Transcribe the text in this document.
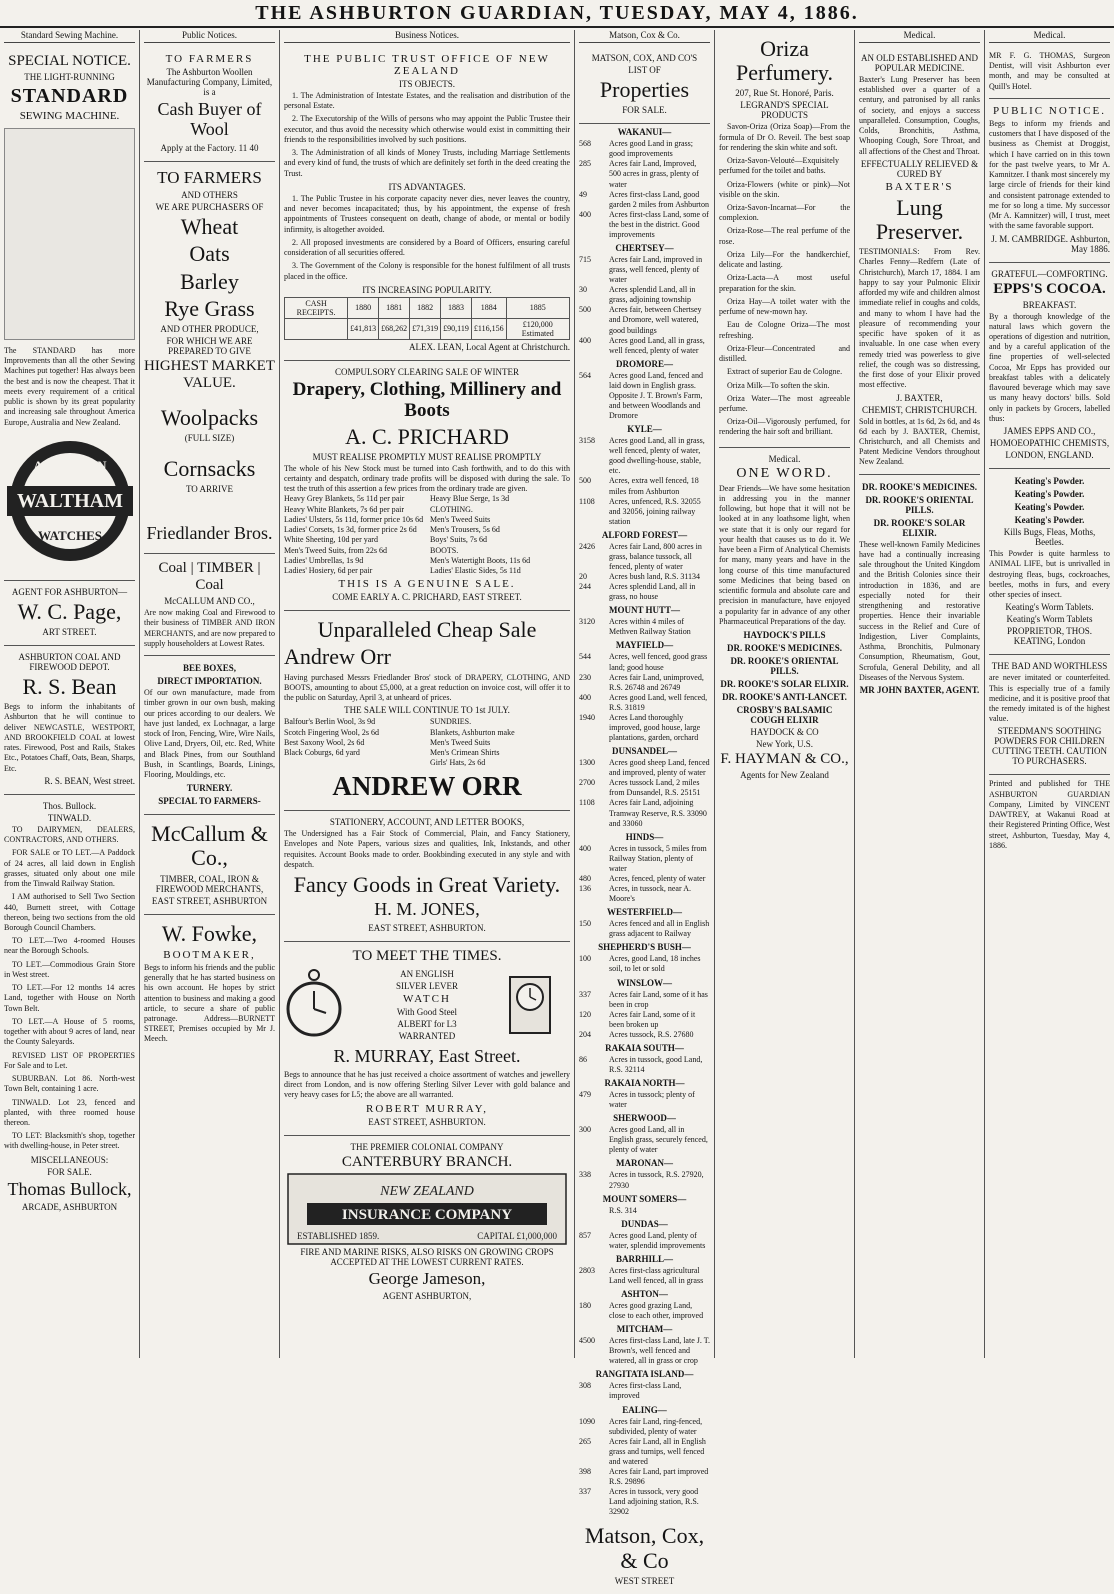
THE ASHBURTON GUARDIAN, TUESDAY, MAY 4, 1886.
Standard Sewing Machine.
SPECIAL NOTICE.
THE LIGHT-RUNNING
STANDARD
SEWING MACHINE.
The STANDARD has more Improvements than all the other Sewing Machines put together! Has always been the best and is now the cheapest. That it meets every requirement of a critical public is shown by its great popularity and increasing sale throughout America Europe, Australia and New Zealand.
AMERICAN
WALTHAM
WATCHES
AGENT FOR ASHBURTON—
W. C. Page,
ART STREET.
ASHBURTON COAL AND FIREWOOD DEPOT.
R. S. Bean
Begs to inform the inhabitants of Ashburton that he will continue to deliver NEWCASTLE, WESTPORT, AND BROOKFIELD COAL at lowest rates. Firewood, Post and Rails, Stakes Etc., Potatoes Chaff, Oats, Bean, Sharps, Etc.
R. S. BEAN, West street.
Thos. Bullock.
TINWALD.

TO DAIRYMEN, DEALERS, CONTRACTORS, AND OTHERS.

FOR SALE or TO LET.—A Paddock of 24 acres, all laid down in English grasses, situated only about one mile from the Tinwald Railway Station.

I AM authorised to Sell Two Section 440, Burnett street, with Cottage thereon, being two sections from the old Borough Council Chambers.

TO LET.—Two 4-roomed Houses near the Borough Schools.

TO LET.—Commodious Grain Store in West street.

TO LET.—For 12 months 14 acres Land, together with House on North Town Belt.

TO LET.—A House of 5 rooms, together with about 9 acres of land, near the County Saleyards.

REVISED LIST OF PROPERTIES For Sale and to Let.

SUBURBAN. Lot 86. North-west Town Belt, containing 1 acre.

TINWALD. Lot 23, fenced and planted, with three roomed house thereon.

TO LET: Blacksmith's shop, together with dwelling-house, in Peter street.

MISCELLANEOUS:
FOR SALE.
Thomas Bullock,
ARCADE, ASHBURTON
Public Notices.
TO FARMERS
The Ashburton Woollen Manufacturing Company, Limited, is a
Cash Buyer of Wool
Apply at the Factory. 11 40
TO FARMERS
AND OTHERS
WE ARE PURCHASERS OF
Wheat
Oats
Barley
Rye Grass
AND OTHER PRODUCE,
FOR WHICH WE ARE PREPARED TO GIVE
HIGHEST MARKET VALUE.
Woolpacks
(FULL SIZE)
Cornsacks
TO ARRIVE
Friedlander Bros.
Coal | TIMBER | Coal
McCALLUM AND CO.,
Are now making Coal and Firewood to their business of TIMBER AND IRON MERCHANTS, and are now prepared to supply householders at Lowest Rates.
BEE BOXES,
DIRECT IMPORTATION.
Of our own manufacture, made from timber grown in our own bush, making our prices according to our dealers. We have just landed, ex Lochnagar, a large stock of Iron, Fencing, Wire, Wire Nails, Olive Land, Dryers, Oil, etc. Red, White and Black Pines, from our Southland Bush, in Scantlings, Boards, Linings, Flooring, Mouldings, etc.
TURNERY.
SPECIAL TO FARMERS-
McCallum & Co.,
TIMBER, COAL, IRON & FIREWOOD MERCHANTS,
EAST STREET, ASHBURTON
W. Fowke,
BOOTMAKER,
Begs to inform his friends and the public generally that he has started business on his own account. He hopes by strict attention to business and making a good article, to secure a share of public patronage. Address—BURNETT STREET, Premises occupied by Mr J. Meech.
Business Notices.
THE PUBLIC TRUST OFFICE OF NEW ZEALAND
ITS OBJECTS.

1. The Administration of Intestate Estates, and the realisation and distribution of the personal Estate.

2. The Executorship of the Wills of persons who may appoint the Public Trustee their executor, and thus avoid the necessity which otherwise would exist in committing their friends to the responsibilities involved by such positions.

3. The Administration of all kinds of Money Trusts, including Marriage Settlements and every kind of fund, the trusts of which are definitely set forth in the deed creating the Trust.

ITS ADVANTAGES.

1. The Public Trustee in his corporate capacity never dies, never leaves the country, and never becomes incapacitated; thus, by his appointment, the expense of fresh appointments of Trustees consequent on death, change of abode, or mental or bodily infirmity, is altogether avoided.

2. All proposed investments are considered by a Board of Officers, ensuring careful consideration of all securities offered.

3. The Government of the Colony is responsible for the honest fulfilment of all trusts placed in the office.

ITS INCREASING POPULARITY.
CASH RECEIPTS.	1880	1881	1882	1883	1884	1885
	£41,813	£68,262	£71,319	£90,119	£116,156	£120,000 Estimated
ALEX. LEAN, Local Agent at Christchurch.
COMPULSORY CLEARING SALE OF WINTER
Drapery, Clothing, Millinery and Boots
A. C. PRICHARD
MUST REALISE PROMPTLY MUST REALISE PROMPTLY
The whole of his New Stock must be turned into Cash forthwith, and to do this with certainty and despatch, ordinary trade profits will be disposed with during the sale. To test the truth of this assertion a few prices from the ordinary trade are given.
Heavy Grey Blankets, 5s 11d per pair
Heavy White Blankets, 7s 6d per pair
Ladies' Ulsters, 5s 11d, former price 10s 6d
Ladies' Corsets, 1s 3d, former price 2s 6d
White Sheeting, 10d per yard
Men's Tweed Suits, from 22s 6d
Ladies' Umbrellas, 1s 9d
Ladies' Hosiery, 6d per pair
Heavy Blue Serge, 1s 3d
CLOTHING.
Men's Tweed Suits
Men's Trousers, 5s 6d
Boys' Suits, 7s 6d
BOOTS.
Men's Watertight Boots, 11s 6d
Ladies' Elastic Sides, 5s 11d
THIS IS A GENUINE SALE.
COME EARLY A. C. PRICHARD, EAST STREET.
Unparalleled Cheap Sale
Andrew Orr
Having purchased Messrs Friedlander Bros' stock of DRAPERY, CLOTHING, AND BOOTS, amounting to about £5,000, at a great reduction on invoice cost, will offer it to the public on Saturday, April 3, at unheard of prices.
THE SALE WILL CONTINUE TO 1st JULY.
Balfour's Berlin Wool, 3s 9d
Scotch Fingering Wool, 2s 6d
Best Saxony Wool, 2s 6d
Black Coburgs, 6d yard
SUNDRIES.
Blankets, Ashburton make
Men's Tweed Suits
Men's Crimean Shirts
Girls' Hats, 2s 6d
ANDREW ORR
STATIONERY, ACCOUNT, AND LETTER BOOKS,
The Undersigned has a Fair Stock of Commercial, Plain, and Fancy Stationery, Envelopes and Note Papers, various sizes and qualities, Ink, Inkstands, and other requisites. Account Books made to order. Bookbinding executed in any style and with despatch.
Fancy Goods in Great Variety.
H. M. JONES,
EAST STREET, ASHBURTON.
TO MEET THE TIMES.
AN ENGLISH
SILVER LEVER
WATCH
With Good Steel
ALBERT for L3
WARRANTED
R. MURRAY, East Street.
Begs to announce that he has just received a choice assortment of watches and jewellery direct from London, and is now offering Sterling Silver Lever with gold balance and very heavy cases for L5; the above are all warranted.
ROBERT MURRAY,
EAST STREET, ASHBURTON.
THE PREMIER COLONIAL COMPANY
CANTERBURY BRANCH.
NEW ZEALAND
INSURANCE COMPANY
ESTABLISHED 1859.	CAPITAL £1,000,000
FIRE AND MARINE RISKS, ALSO RISKS ON GROWING CROPS ACCEPTED AT THE LOWEST CURRENT RATES.
George Jameson,
AGENT ASHBURTON,
Matson, Cox & Co.
MATSON, COX, AND CO'S
LIST OF
Properties
FOR SALE.
WAKANUI—
568	Acres good Land in grass; good improvements
285	Acres fair Land, Improved, 500 acres in grass, plenty of water
49	Acres first-class Land, good garden 2 miles from Ashburton
400	Acres first-class Land, some of the best in the district. Good improvements
CHERTSEY—
715	Acres fair Land, improved in grass, well fenced, plenty of water
30	Acres splendid Land, all in grass, adjoining township
500	Acres fair, between Chertsey and Dromore, well watered, good buildings
400	Acres good Land, all in grass, well fenced, plenty of water
DROMORE—
564	Acres good Land, fenced and laid down in English grass. Opposite J. T. Brown's Farm, and between Woodlands and Dromore
KYLE—
3158	Acres good Land, all in grass, well fenced, plenty of water, good dwelling-house, stable, etc.
500	Acres, extra well fenced, 18 miles from Ashburton
1108	Acres, unfenced, R.S. 32055 and 32056, joining railway station
ALFORD FOREST—
2426	Acres fair Land, 800 acres in grass, balance tussock, all fenced, plenty of water
20	Acres bush land, R.S. 31134
244	Acres splendid Land, all in grass, no house
MOUNT HUTT—
3120	Acres within 4 miles of Methven Railway Station
MAYFIELD—
544	Acres, well fenced, good grass land; good house
230	Acres fair Land, unimproved, R.S. 26748 and 26749
400	Acres good Land, well fenced, R.S. 31819
1940	Acres Land thoroughly improved, good house, large plantations, garden, orchard
DUNSANDEL—
1300	Acres good sheep Land, fenced and improved, plenty of water
2700	Acres tussock Land, 2 miles from Dunsandel, R.S. 25151
1108	Acres fair Land, adjoining Tramway Reserve, R.S. 33090 and 33060
HINDS—
400	Acres in tussock, 5 miles from Railway Station, plenty of water
480	Acres, fenced, plenty of water
136	Acres, in tussock, near A. Moore's
WESTERFIELD—
150	Acres fenced and all in English grass adjacent to Railway
SHEPHERD'S BUSH—
100	Acres, good Land, 18 inches soil, to let or sold
WINSLOW—
337	Acres fair Land, some of it has been in crop
120	Acres fair Land, some of it been broken up
204	Acres tussock, R.S. 27680
RAKAIA SOUTH—
86	Acres in tussock, good Land, R.S. 32114
RAKAIA NORTH—
479	Acres in tussock; plenty of water
SHERWOOD—
300	Acres good Land, all in English grass, securely fenced, plenty of water
MARONAN—
338	Acres in tussock, R.S. 27920, 27930
MOUNT SOMERS—
R.S. 314
DUNDAS—
857	Acres good Land, plenty of water, splendid improvements
BARRHILL—
2803	Acres first-class agricultural Land well fenced, all in grass
ASHTON—
180	Acres good grazing Land, close to each other, improved
MITCHAM—
4500	Acres first-class Land, late J. T. Brown's, well fenced and watered, all in grass or crop
RANGITATA ISLAND—
308	Acres first-class Land, improved
EALING—
1090	Acres fair Land, ring-fenced, subdivided, plenty of water
265	Acres fair Land, all in English grass and turnips, well fenced and watered
398	Acres fair Land, part improved R.S. 29896
337	Acres in tussock, very good Land adjoining station, R.S. 32902
Matson, Cox, & Co
WEST STREET
Oriza Perfumery.
207, Rue St. Honoré, Paris.
LEGRAND'S SPECIAL PRODUCTS

Savon-Oriza (Oriza Soap)—From the formula of Dr O. Reveil. The best soap for rendering the skin white and soft.

Oriza-Savon-Velouté—Exquisitely perfumed for the toilet and baths.

Oriza-Flowers (white or pink)—Not visible on the skin.

Oriza-Savon-Incarnat—For the complexion.

Oriza-Rose—The real perfume of the rose.

Oriza Lily—For the handkerchief, delicate and lasting.

Oriza-Lacta—A most useful preparation for the skin.

Oriza Hay—A toilet water with the perfume of new-mown hay.

Eau de Cologne Oriza—The most refreshing.

Oriza-Fleur—Concentrated and distilled.

Extract of superior Eau de Cologne.

Oriza Milk—To soften the skin.

Oriza Water—The most agreeable perfume.

Oriza-Oil—Vigorously perfumed, for rendering the hair soft and brilliant.

Medical.
ONE WORD.
Dear Friends—We have some hesitation in addressing you in the manner following, but hope that it will not be looked at in any loathsome light, when we state that it is only our regard for your health that causes us to do it. We have been a Firm of Analytical Chemists for many, many years and have in the long course of this time manufactured some Medicines that being based on scientific formula and absolute care and precision in manufacture, have enjoyed a popularity far in advance of any other Pharmaceutical Preparations of the day.
HAYDOCK'S PILLS
DR. ROOKE'S MEDICINES.
DR. ROOKE'S ORIENTAL PILLS.
DR. ROOKE'S SOLAR ELIXIR.
DR. ROOKE'S ANTI-LANCET.
CROSBY'S BALSAMIC COUGH ELIXIR
HAYDOCK & CO
New York, U.S.
F. HAYMAN & CO.,
Agents for New Zealand
Medical.
AN OLD ESTABLISHED AND POPULAR MEDICINE.
Baxter's Lung Preserver has been established over a quarter of a century, and patronised by all ranks of society, and enjoys a success unparalleled. Consumption, Coughs, Colds, Bronchitis, Asthma, Whooping Cough, Sore Throat, and all affections of the Chest and Throat.
EFFECTUALLY RELIEVED & CURED BY
BAXTER'S
Lung Preserver.
TESTIMONIALS: From Rev. Charles Fenny—Redfern (Late of Christchurch), March 17, 1884. I am happy to say your Pulmonic Elixir afforded my wife and children almost immediate relief in coughs and colds, and many to whom I have had the pleasure of recommending your specific have spoken of it as invaluable. In one case when every remedy tried was powerless to give relief, the cough was so distressing, the first dose of your Elixir proved most effective.
J. BAXTER,
CHEMIST, CHRISTCHURCH.
Sold in bottles, at 1s 6d, 2s 6d, and 4s 6d each by J. BAXTER, Chemist, Christchurch, and all Chemists and Patent Medicine Vendors throughout New Zealand.
DR. ROOKE'S MEDICINES.
DR. ROOKE'S ORIENTAL PILLS.
DR. ROOKE'S SOLAR ELIXIR.
These well-known Family Medicines have had a continually increasing sale throughout the United Kingdom and the British Colonies since their introduction in 1836, and are especially noted for their strengthening and restorative properties. Hence their invariable success in the Relief and Cure of Indigestion, Liver Complaints, Asthma, Bronchitis, Pulmonary Consumption, Rheumatism, Gout, Scrofula, General Debility, and all Diseases of the Nervous System.
MR JOHN BAXTER, AGENT.
Medical.
MR F. G. THOMAS, Surgeon Dentist, will visit Ashburton ever month, and may be consulted at Quill's Hotel.
PUBLIC NOTICE.
Begs to inform my friends and customers that I have disposed of the business as Chemist at Droggist, which I have carried on in this town for the past twelve years, to Mr A. Kamnitzer. I thank most sincerely my large circle of friends for their kind and consistent patronage extended to me for so long a time. My successor (Mr A. Kamnitzer) will, I trust, meet with the same favorable support.
J. M. CAMBRIDGE. Ashburton, May 1886.
GRATEFUL—COMFORTING.
EPPS'S COCOA.
BREAKFAST.
By a thorough knowledge of the natural laws which govern the operations of digestion and nutrition, and by a careful application of the fine properties of well-selected Cocoa, Mr Epps has provided our breakfast tables with a delicately flavoured beverage which may save us many heavy doctors' bills. Sold only in packets by Grocers, labelled thus:
JAMES EPPS AND CO.,
HOMOEOPATHIC CHEMISTS,
LONDON, ENGLAND.
Keating's Powder.
Keating's Powder.
Keating's Powder.
Keating's Powder.
Kills Bugs, Fleas, Moths, Beetles.
This Powder is quite harmless to ANIMAL LIFE, but is unrivalled in destroying fleas, bugs, cockroaches, beetles, moths in furs, and every other species of insect.
Keating's Worm Tablets.
Keating's Worm Tablets
PROPRIETOR, THOS. KEATING, London
THE BAD AND WORTHLESS
are never imitated or counterfeited. This is especially true of a family medicine, and it is positive proof that the remedy imitated is of the highest value.
STEEDMAN'S SOOTHING POWDERS FOR CHILDREN CUTTING TEETH. CAUTION TO PURCHASERS.
Printed and published for THE ASHBURTON GUARDIAN Company, Limited by VINCENT DAWTREY, at Wakanui Road at their Registered Printing Office, West street, Ashburton, Tuesday, May 4, 1886.
